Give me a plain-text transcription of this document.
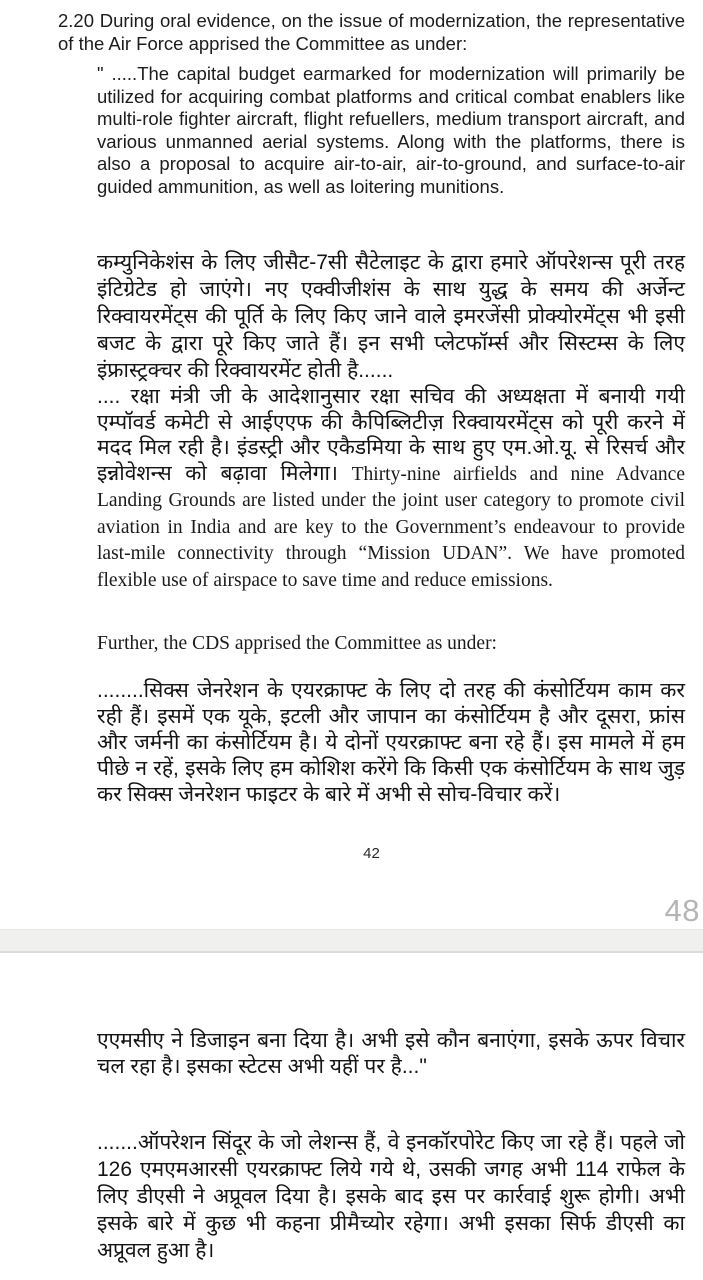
2.20 During oral evidence, on the issue of modernization, the representative of the Air Force apprised the Committee as under:

" .....The capital budget earmarked for modernization will primarily be utilized for acquiring combat platforms and critical combat enablers like multi-role fighter aircraft, flight refuellers, medium transport aircraft, and various unmanned aerial systems. Along with the platforms, there is also a proposal to acquire air-to-air, air-to-ground, and surface-to-air guided ammunition, as well as loitering munitions.

कम्युनिकेशंस के लिए जीसैट-7सी सैटेलाइट के द्वारा हमारे ऑपरेशन्स पूरी तरह इंटिग्रेटेड हो जाएंगे। नए एक्वीजीशंस के साथ युद्ध के समय की अर्जेन्ट रिक्वायरमेंट्स की पूर्ति के लिए किए जाने वाले इमरजेंसी प्रोक्योरमेंट्स भी इसी बजट के द्वारा पूरे किए जाते हैं। इन सभी प्लेटफॉर्म्स और सिस्टम्स के लिए इंफ्रास्ट्रक्चर की रिक्वायरमेंट होती है......

.... रक्षा मंत्री जी के आदेशानुसार रक्षा सचिव की अध्यक्षता में बनायी गयी एम्पॉवर्ड कमेटी से आईएएफ की कैपिब्लिटीज़ रिक्वायरमेंट्स को पूरी करने में मदद मिल रही है। इंडस्ट्री और एकैडमिया के साथ हुए एम.ओ.यू. से रिसर्च और इन्नोवेशन्स को बढ़ावा मिलेगा। Thirty-nine airfields and nine Advance Landing Grounds are listed under the joint user category to promote civil aviation in India and are key to the Government’s endeavour to provide last-mile connectivity through “Mission UDAN”. We have promoted flexible use of airspace to save time and reduce emissions.

Further, the CDS apprised the Committee as under:

........सिक्स जेनरेशन के एयरक्राफ्ट के लिए दो तरह की कंसोर्टियम काम कर रही हैं। इसमें एक यूके, इटली और जापान का कंसोर्टियम है और दूसरा, फ्रांस और जर्मनी का कंसोर्टियम है। ये दोनों एयरक्राफ्ट बना रहे हैं। इस मामले में हम पीछे न रहें, इसके लिए हम कोशिश करेंगे कि किसी एक कंसोर्टियम के साथ जुड़ कर सिक्स जेनरेशन फाइटर के बारे में अभी से सोच-विचार करें।

42
48

एएमसीए ने डिजाइन बना दिया है। अभी इसे कौन बनाएंगा, इसके ऊपर विचार चल रहा है। इसका स्टेटस अभी यहीं पर है..."

.......ऑपरेशन सिंदूर के जो लेशन्स हैं, वे इनकॉरपोरेट किए जा रहे हैं। पहले जो 126 एमएमआरसी एयरक्राफ्ट लिये गये थे, उसकी जगह अभी 114 राफेल के लिए डीएसी ने अप्रूवल दिया है। इसके बाद इस पर कार्रवाई शुरू होगी। अभी इसके बारे में कुछ भी कहना प्रीमैच्योर रहेगा। अभी इसका सिर्फ डीएसी का अप्रूवल हुआ है।
